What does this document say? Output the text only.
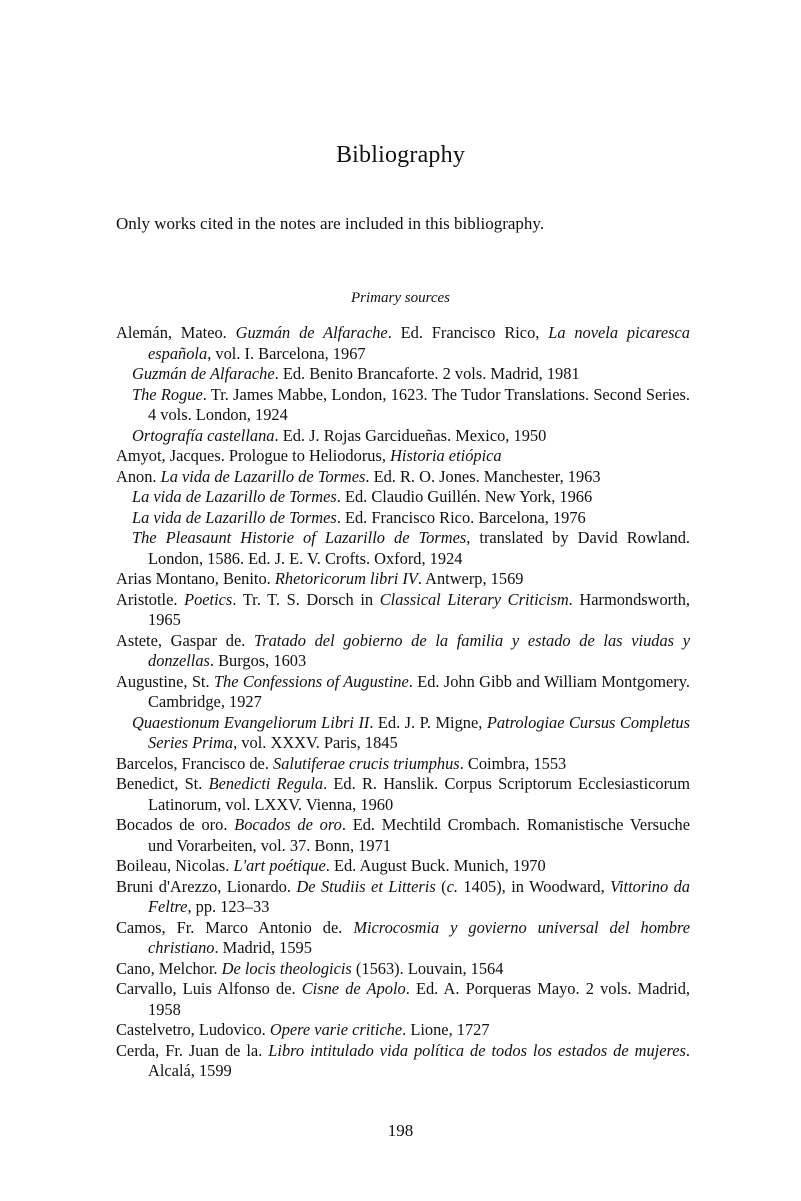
Bibliography
Only works cited in the notes are included in this bibliography.
Primary sources
Alemán, Mateo. Guzmán de Alfarache. Ed. Francisco Rico, La novela picaresca española, vol. I. Barcelona, 1967
Guzmán de Alfarache. Ed. Benito Brancaforte. 2 vols. Madrid, 1981
The Rogue. Tr. James Mabbe, London, 1623. The Tudor Translations. Second Series. 4 vols. London, 1924
Ortografía castellana. Ed. J. Rojas Garcidueñas. Mexico, 1950
Amyot, Jacques. Prologue to Heliodorus, Historia etiópica
Anon. La vida de Lazarillo de Tormes. Ed. R. O. Jones. Manchester, 1963
La vida de Lazarillo de Tormes. Ed. Claudio Guillén. New York, 1966
La vida de Lazarillo de Tormes. Ed. Francisco Rico. Barcelona, 1976
The Pleasaunt Historie of Lazarillo de Tormes, translated by David Rowland. London, 1586. Ed. J. E. V. Crofts. Oxford, 1924
Arias Montano, Benito. Rhetoricorum libri IV. Antwerp, 1569
Aristotle. Poetics. Tr. T. S. Dorsch in Classical Literary Criticism. Harmondsworth, 1965
Astete, Gaspar de. Tratado del gobierno de la familia y estado de las viudas y donzellas. Burgos, 1603
Augustine, St. The Confessions of Augustine. Ed. John Gibb and William Montgomery. Cambridge, 1927
Quaestionum Evangeliorum Libri II. Ed. J. P. Migne, Patrologiae Cursus Completus Series Prima, vol. XXXV. Paris, 1845
Barcelos, Francisco de. Salutiferae crucis triumphus. Coimbra, 1553
Benedict, St. Benedicti Regula. Ed. R. Hanslik. Corpus Scriptorum Ecclesiasticorum Latinorum, vol. LXXV. Vienna, 1960
Bocados de oro. Bocados de oro. Ed. Mechtild Crombach. Romanistische Versuche und Vorarbeiten, vol. 37. Bonn, 1971
Boileau, Nicolas. L'art poétique. Ed. August Buck. Munich, 1970
Bruni d'Arezzo, Lionardo. De Studiis et Litteris (c. 1405), in Woodward, Vittorino da Feltre, pp. 123–33
Camos, Fr. Marco Antonio de. Microcosmia y govierno universal del hombre christiano. Madrid, 1595
Cano, Melchor. De locis theologicis (1563). Louvain, 1564
Carvallo, Luis Alfonso de. Cisne de Apolo. Ed. A. Porqueras Mayo. 2 vols. Madrid, 1958
Castelvetro, Ludovico. Opere varie critiche. Lione, 1727
Cerda, Fr. Juan de la. Libro intitulado vida política de todos los estados de mujeres. Alcalá, 1599
198
